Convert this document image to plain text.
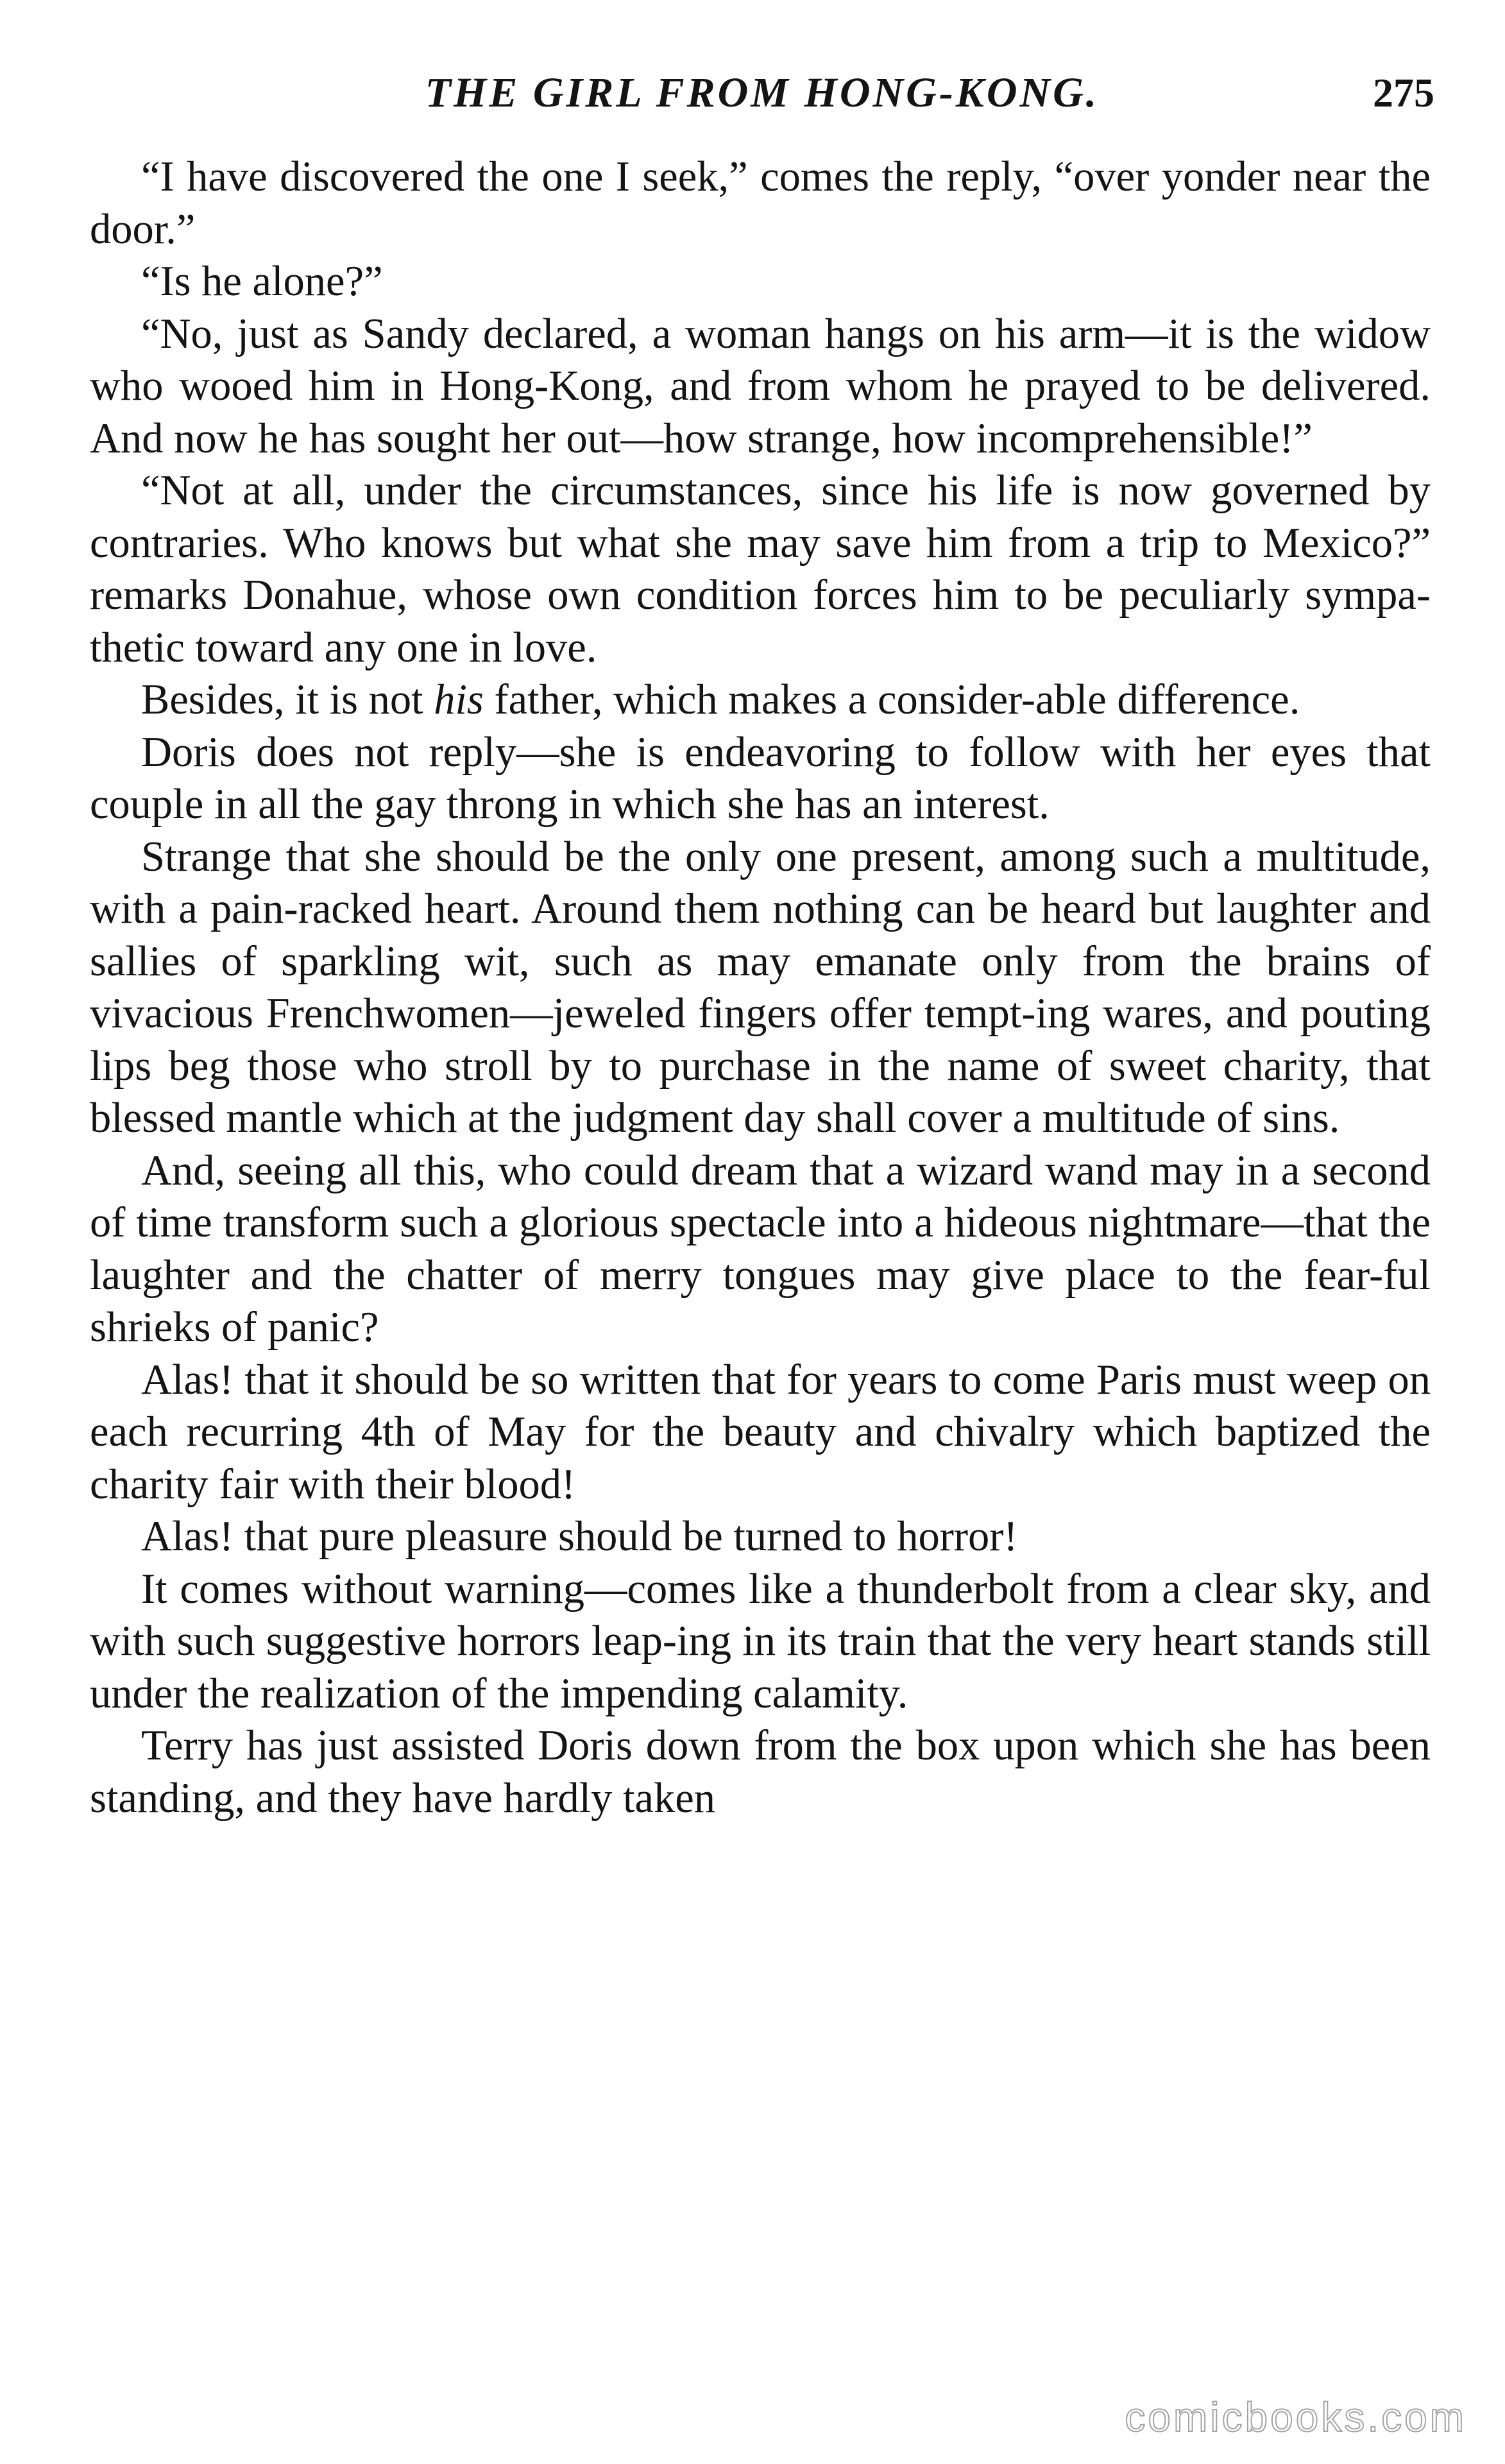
THE GIRL FROM HONG-KONG.	275

“I have discovered the one I seek,” comes the reply, “over yonder near the door.”

“Is he alone?”

“No, just as Sandy declared, a woman hangs on his arm—it is the widow who wooed him in Hong-Kong, and from whom he prayed to be delivered. And now he has sought her out—how strange, how incomprehensible!”

“Not at all, under the circumstances, since his life is now governed by contraries. Who knows but what she may save him from a trip to Mexico?” remarks Donahue, whose own condition forces him to be peculiarly sympa-thetic toward any one in love.

Besides, it is not his father, which makes a consider-able difference.

Doris does not reply—she is endeavoring to follow with her eyes that couple in all the gay throng in which she has an interest.

Strange that she should be the only one present, among such a multitude, with a pain-racked heart. Around them nothing can be heard but laughter and sallies of sparkling wit, such as may emanate only from the brains of vivacious Frenchwomen—jeweled fingers offer tempt-ing wares, and pouting lips beg those who stroll by to purchase in the name of sweet charity, that blessed mantle which at the judgment day shall cover a multitude of sins.

And, seeing all this, who could dream that a wizard wand may in a second of time transform such a glorious spectacle into a hideous nightmare—that the laughter and the chatter of merry tongues may give place to the fear-ful shrieks of panic?

Alas! that it should be so written that for years to come Paris must weep on each recurring 4th of May for the beauty and chivalry which baptized the charity fair with their blood!

Alas! that pure pleasure should be turned to horror!

It comes without warning—comes like a thunderbolt from a clear sky, and with such suggestive horrors leap-ing in its train that the very heart stands still under the realization of the impending calamity.

Terry has just assisted Doris down from the box upon which she has been standing, and they have hardly taken

comicbooks.com
